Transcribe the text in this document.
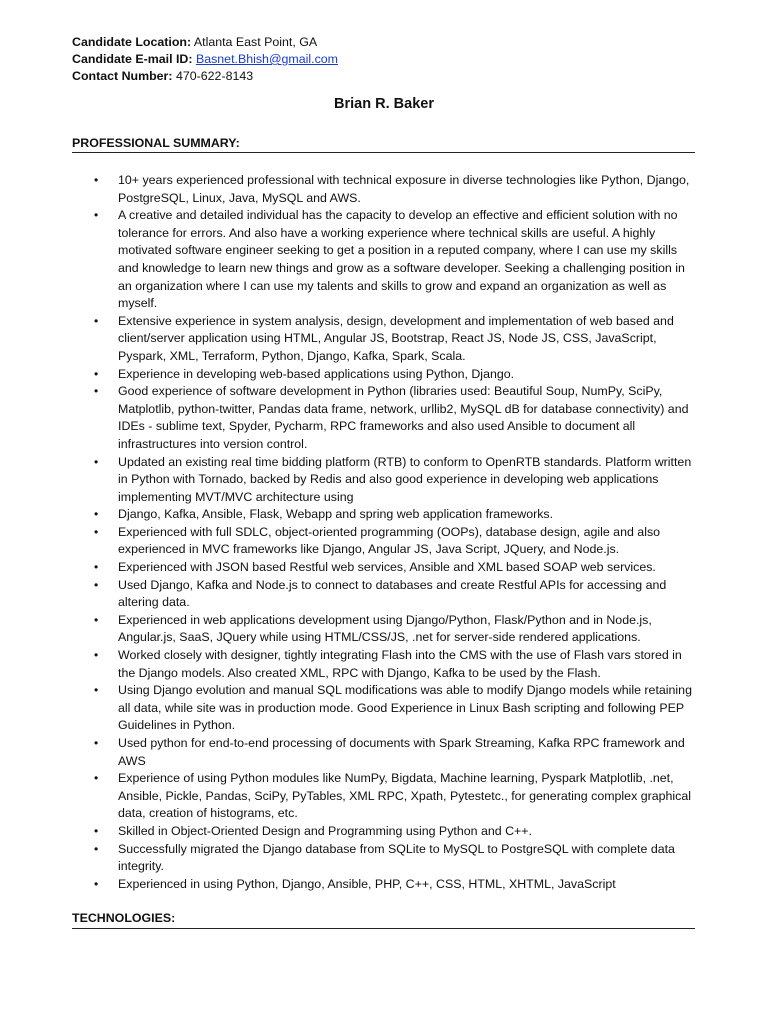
Candidate Location: Atlanta East Point, GA
Candidate E-mail ID: Basnet.Bhish@gmail.com
Contact Number: 470-622-8143
Brian R. Baker
PROFESSIONAL SUMMARY:
• 10+ years experienced professional with technical exposure in diverse technologies like Python, Django, PostgreSQL, Linux, Java, MySQL and AWS.
• A creative and detailed individual has the capacity to develop an effective and efficient solution with no tolerance for errors. And also have a working experience where technical skills are useful. A highly motivated software engineer seeking to get a position in a reputed company, where I can use my skills and knowledge to learn new things and grow as a software developer. Seeking a challenging position in an organization where I can use my talents and skills to grow and expand an organization as well as myself.
• Extensive experience in system analysis, design, development and implementation of web based and client/server application using HTML, Angular JS, Bootstrap, React JS, Node JS, CSS, JavaScript, Pyspark, XML, Terraform, Python, Django, Kafka, Spark, Scala.
• Experience in developing web-based applications using Python, Django.
• Good experience of software development in Python (libraries used: Beautiful Soup, NumPy, SciPy, Matplotlib, python-twitter, Pandas data frame, network, urllib2, MySQL dB for database connectivity) and IDEs - sublime text, Spyder, Pycharm, RPC frameworks and also used Ansible to document all infrastructures into version control.
• Updated an existing real time bidding platform (RTB) to conform to OpenRTB standards. Platform written in Python with Tornado, backed by Redis and also good experience in developing web applications implementing MVT/MVC architecture using
• Django, Kafka, Ansible, Flask, Webapp and spring web application frameworks.
• Experienced with full SDLC, object-oriented programming (OOPs), database design, agile and also experienced in MVC frameworks like Django, Angular JS, Java Script, JQuery, and Node.js.
• Experienced with JSON based Restful web services, Ansible and XML based SOAP web services.
• Used Django, Kafka and Node.js to connect to databases and create Restful APIs for accessing and altering data.
• Experienced in web applications development using Django/Python, Flask/Python and in Node.js, Angular.js, SaaS, JQuery while using HTML/CSS/JS, .net for server-side rendered applications.
• Worked closely with designer, tightly integrating Flash into the CMS with the use of Flash vars stored in the Django models. Also created XML, RPC with Django, Kafka to be used by the Flash.
• Using Django evolution and manual SQL modifications was able to modify Django models while retaining all data, while site was in production mode. Good Experience in Linux Bash scripting and following PEP Guidelines in Python.
• Used python for end-to-end processing of documents with Spark Streaming, Kafka RPC framework and AWS
• Experience of using Python modules like NumPy, Bigdata, Machine learning, Pyspark Matplotlib, .net, Ansible, Pickle, Pandas, SciPy, PyTables, XML RPC, Xpath, Pytestetc., for generating complex graphical data, creation of histograms, etc.
• Skilled in Object-Oriented Design and Programming using Python and C++.
• Successfully migrated the Django database from SQLite to MySQL to PostgreSQL with complete data integrity.
• Experienced in using Python, Django, Ansible, PHP, C++, CSS, HTML, XHTML, JavaScript
TECHNOLOGIES:
